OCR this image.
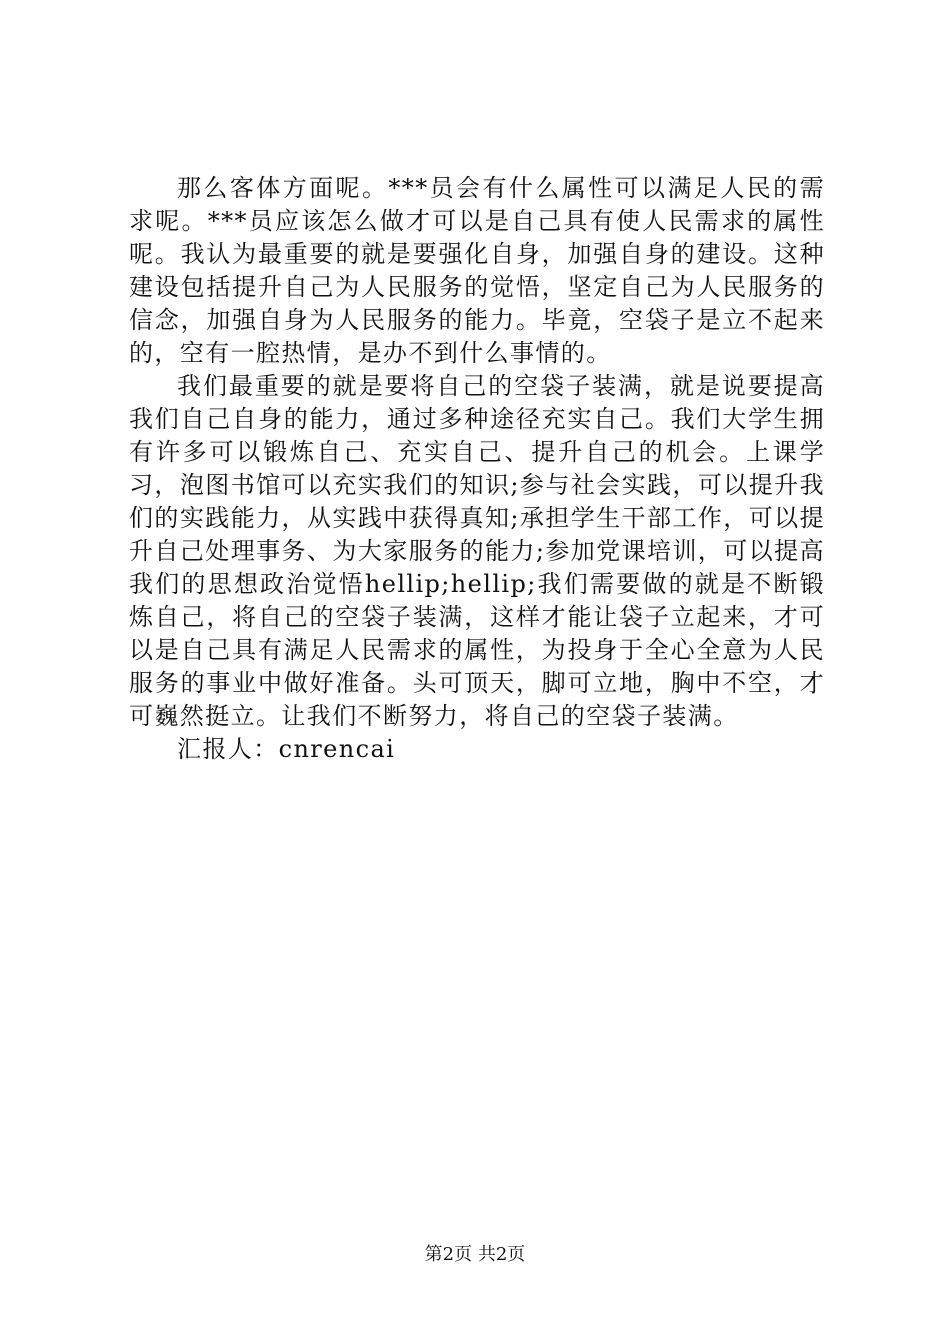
那么客体方面呢。***员会有什么属性可以满足人民的需求呢。***员应该怎么做才可以是自己具有使人民需求的属性呢。我认为最重要的就是要强化自身，加强自身的建设。这种建设包括提升自己为人民服务的觉悟，坚定自己为人民服务的信念，加强自身为人民服务的能力。毕竟，空袋子是立不起来的，空有一腔热情，是办不到什么事情的。

我们最重要的就是要将自己的空袋子装满，就是说要提高我们自己自身的能力，通过多种途径充实自己。我们大学生拥有许多可以锻炼自己、充实自己、提升自己的机会。上课学习，泡图书馆可以充实我们的知识;参与社会实践，可以提升我们的实践能力，从实践中获得真知;承担学生干部工作，可以提升自己处理事务、为大家服务的能力;参加党课培训，可以提高我们的思想政治觉悟hellip;hellip;我们需要做的就是不断锻炼自己，将自己的空袋子装满，这样才能让袋子立起来，才可以是自己具有满足人民需求的属性，为投身于全心全意为人民服务的事业中做好准备。头可顶天，脚可立地，胸中不空，才可巍然挺立。让我们不断努力，将自己的空袋子装满。

汇报人：cnrencai

第2页 共2页
